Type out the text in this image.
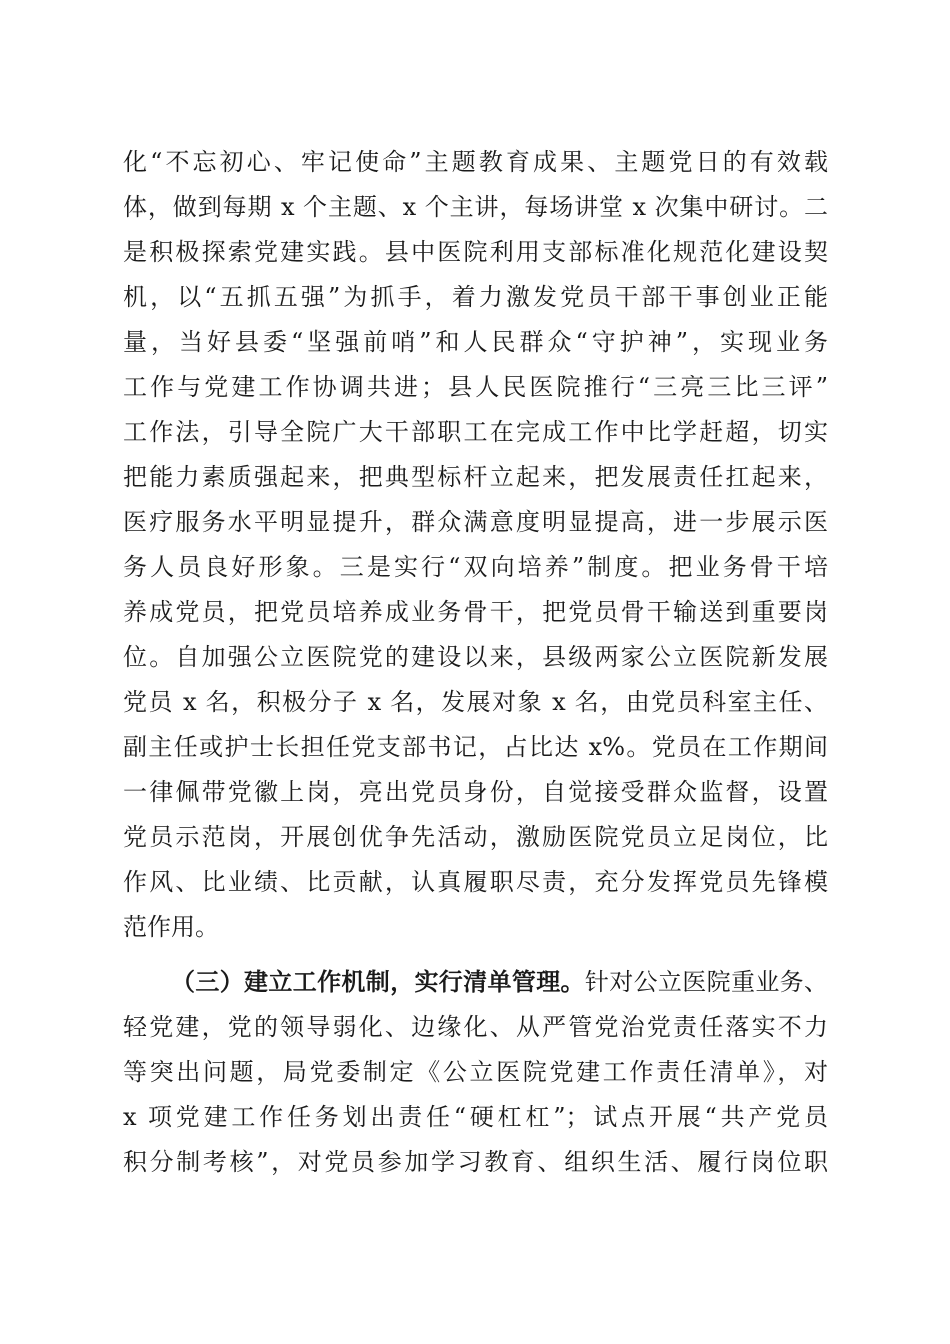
化“不忘初心、牢记使命”主题教育成果、主题党日的有效载
体，做到每期 x 个主题、x 个主讲，每场讲堂 x 次集中研讨。二
是积极探索党建实践。县中医院利用支部标准化规范化建设契
机，以“五抓五强”为抓手，着力激发党员干部干事创业正能
量，当好县委“坚强前哨”和人民群众“守护神”，实现业务
工作与党建工作协调共进；县人民医院推行“三亮三比三评”
工作法，引导全院广大干部职工在完成工作中比学赶超，切实
把能力素质强起来，把典型标杆立起来，把发展责任扛起来，
医疗服务水平明显提升，群众满意度明显提高，进一步展示医
务人员良好形象。三是实行“双向培养”制度。把业务骨干培
养成党员，把党员培养成业务骨干，把党员骨干输送到重要岗
位。自加强公立医院党的建设以来，县级两家公立医院新发展
党员 x 名，积极分子 x 名，发展对象 x 名，由党员科室主任、
副主任或护士长担任党支部书记，占比达 x%。党员在工作期间
一律佩带党徽上岗，亮出党员身份，自觉接受群众监督，设置
党员示范岗，开展创优争先活动，激励医院党员立足岗位，比
作风、比业绩、比贡献，认真履职尽责，充分发挥党员先锋模
范作用。
（三）建立工作机制，实行清单管理。针对公立医院重业务、
轻党建，党的领导弱化、边缘化、从严管党治党责任落实不力
等突出问题，局党委制定《公立医院党建工作责任清单》，对
x 项党建工作任务划出责任“硬杠杠”；试点开展“共产党员
积分制考核”，对党员参加学习教育、组织生活、履行岗位职
